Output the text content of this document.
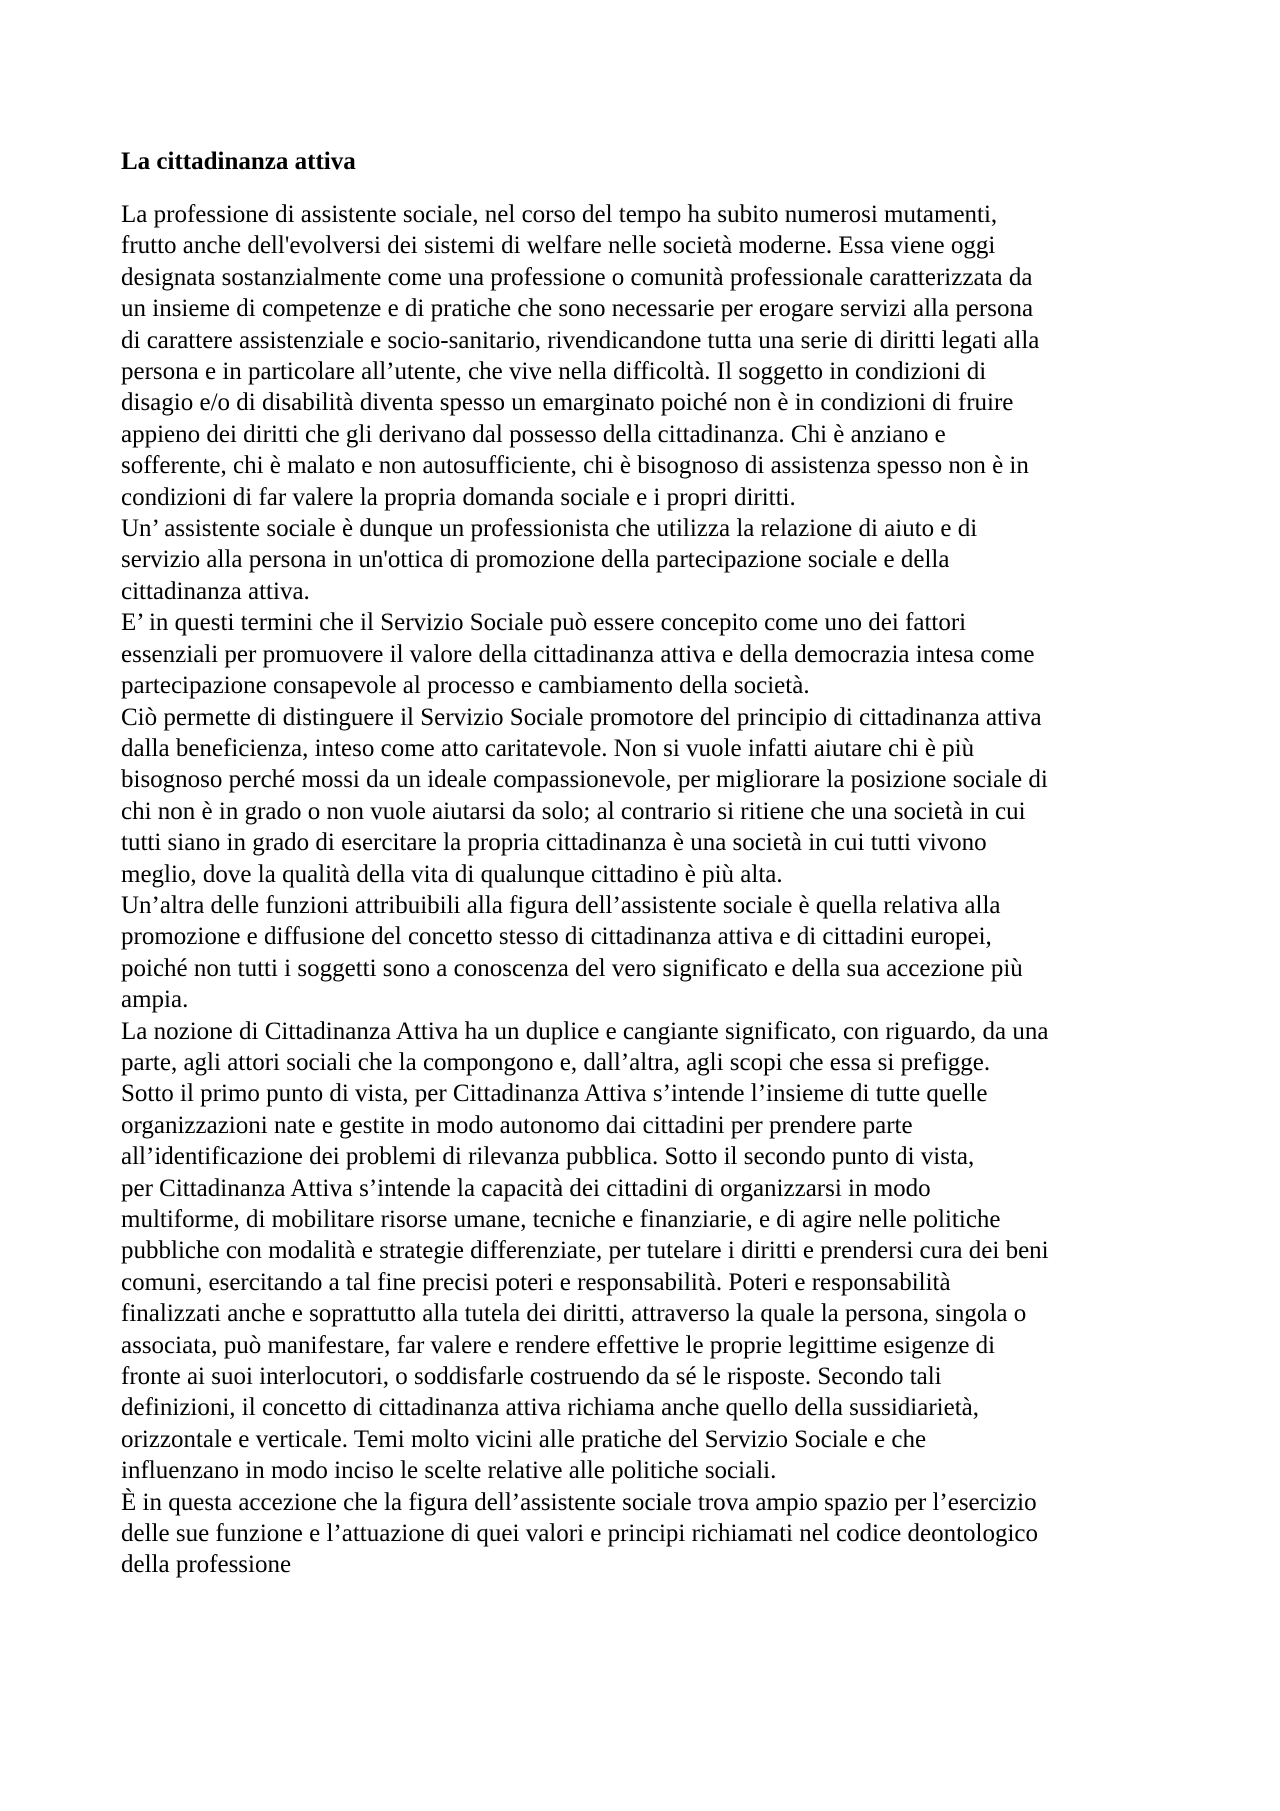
La cittadinanza attiva

La professione di assistente sociale, nel corso del tempo ha subito numerosi mutamenti,
frutto anche dell'evolversi dei sistemi di welfare nelle società moderne. Essa viene oggi
designata sostanzialmente come una professione o comunità professionale caratterizzata da
un insieme di competenze e di pratiche che sono necessarie per erogare servizi alla persona
di carattere assistenziale e socio-sanitario, rivendicandone tutta una serie di diritti legati alla
persona e in particolare all’utente, che vive nella difficoltà. Il soggetto in condizioni di
disagio e/o di disabilità diventa spesso un emarginato poiché non è in condizioni di fruire
appieno dei diritti che gli derivano dal possesso della cittadinanza. Chi è anziano e
sofferente, chi è malato e non autosufficiente, chi è bisognoso di assistenza spesso non è in
condizioni di far valere la propria domanda sociale e i propri diritti.

Un’ assistente sociale è dunque un professionista che utilizza la relazione di aiuto e di
servizio alla persona in un'ottica di promozione della partecipazione sociale e della
cittadinanza attiva.

E’ in questi termini che il Servizio Sociale può essere concepito come uno dei fattori
essenziali per promuovere il valore della cittadinanza attiva e della democrazia intesa come
partecipazione consapevole al processo e cambiamento della società.

Ciò permette di distinguere il Servizio Sociale promotore del principio di cittadinanza attiva
dalla beneficienza, inteso come atto caritatevole. Non si vuole infatti aiutare chi è più
bisognoso perché mossi da un ideale compassionevole, per migliorare la posizione sociale di
chi non è in grado o non vuole aiutarsi da solo; al contrario si ritiene che una società in cui
tutti siano in grado di esercitare la propria cittadinanza è una società in cui tutti vivono
meglio, dove la qualità della vita di qualunque cittadino è più alta.

Un’altra delle funzioni attribuibili alla figura dell’assistente sociale è quella relativa alla
promozione e diffusione del concetto stesso di cittadinanza attiva e di cittadini europei,
poiché non tutti i soggetti sono a conoscenza del vero significato e della sua accezione più
ampia.

La nozione di Cittadinanza Attiva ha un duplice e cangiante significato, con riguardo, da una
parte, agli attori sociali che la compongono e, dall’altra, agli scopi che essa si prefigge.
Sotto il primo punto di vista, per Cittadinanza Attiva s’intende l’insieme di tutte quelle
organizzazioni nate e gestite in modo autonomo dai cittadini per prendere parte
all’identificazione dei problemi di rilevanza pubblica. Sotto il secondo punto di vista,
per Cittadinanza Attiva s’intende la capacità dei cittadini di organizzarsi in modo
multiforme, di mobilitare risorse umane, tecniche e finanziarie, e di agire nelle politiche
pubbliche con modalità e strategie differenziate, per tutelare i diritti e prendersi cura dei beni
comuni, esercitando a tal fine precisi poteri e responsabilità. Poteri e responsabilità
finalizzati anche e soprattutto alla tutela dei diritti, attraverso la quale la persona, singola o
associata, può manifestare, far valere e rendere effettive le proprie legittime esigenze di
fronte ai suoi interlocutori, o soddisfarle costruendo da sé le risposte. Secondo tali
definizioni, il concetto di cittadinanza attiva richiama anche quello della sussidiarietà,
orizzontale e verticale. Temi molto vicini alle pratiche del Servizio Sociale e che
influenzano in modo inciso le scelte relative alle politiche sociali.

È in questa accezione che la figura dell’assistente sociale trova ampio spazio per l’esercizio
delle sue funzione e l’attuazione di quei valori e principi richiamati nel codice deontologico
della professione
